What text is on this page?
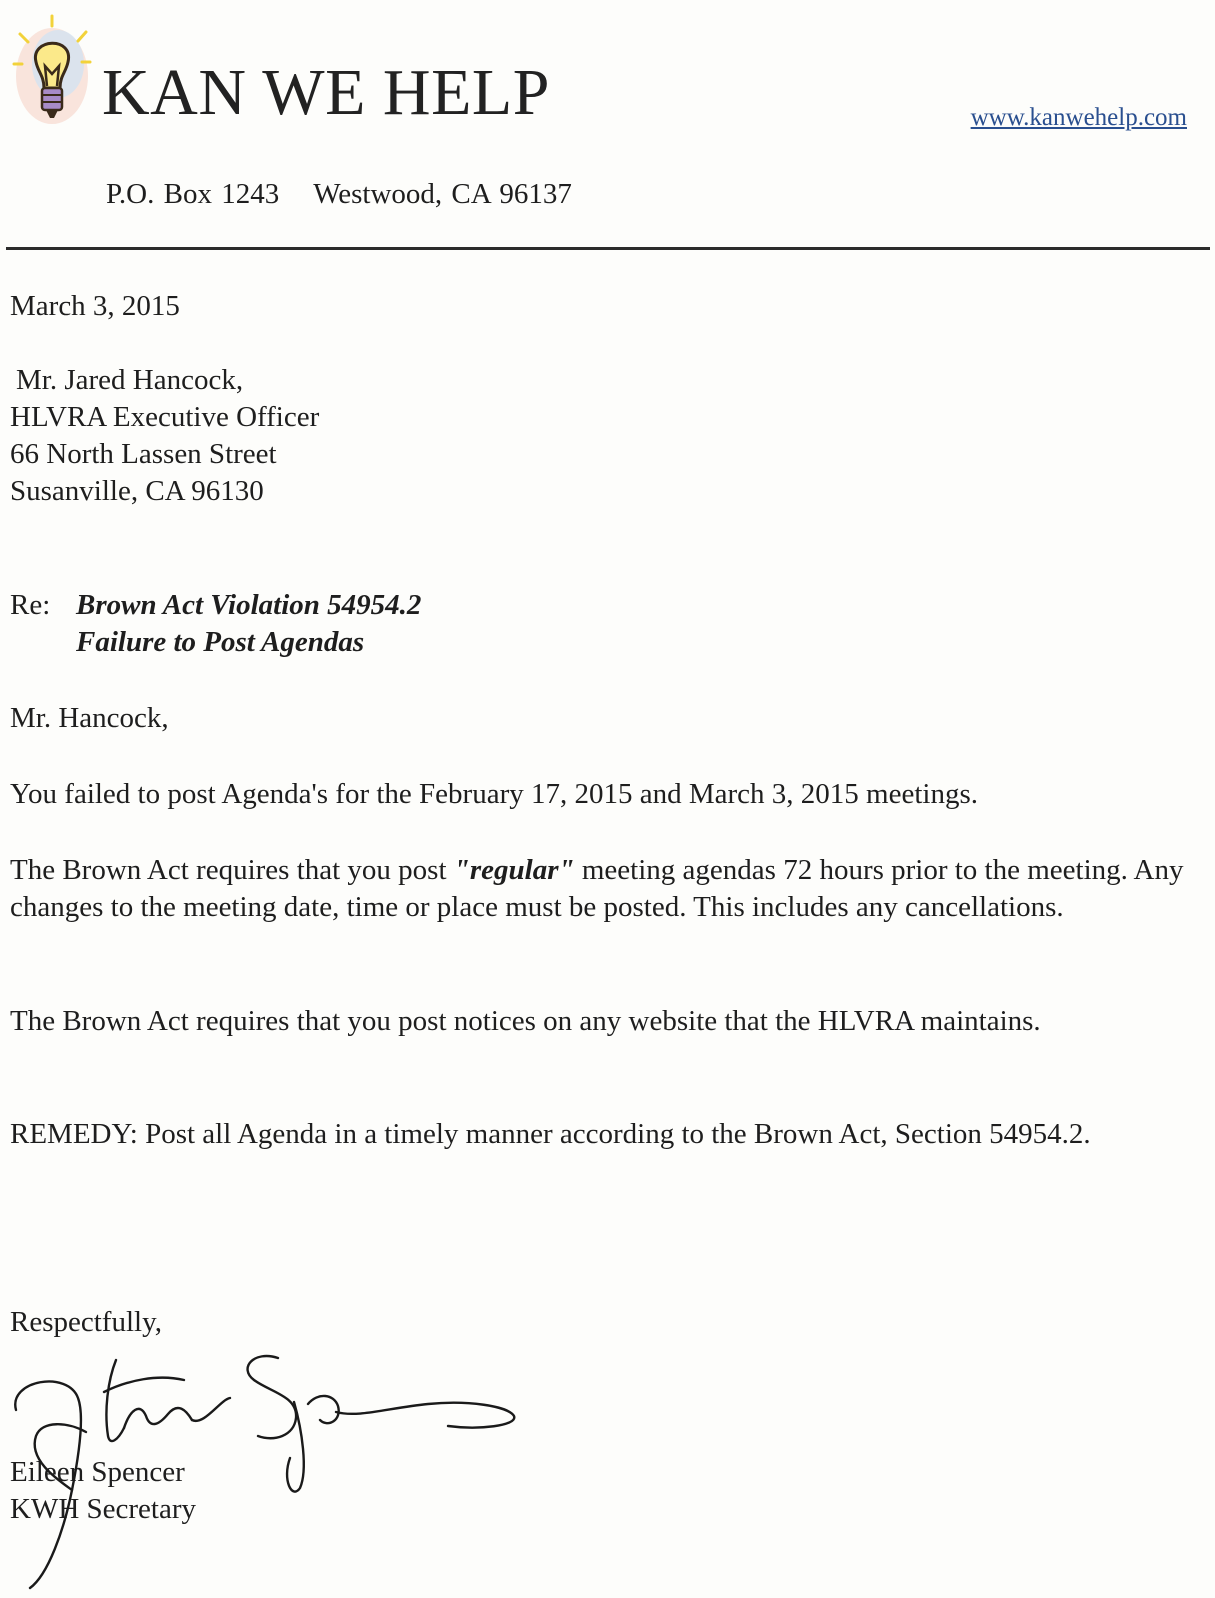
KAN WE HELP	www.kanwehelp.com
P.O. Box 1243 Westwood, CA 96137
March 3, 2015
Mr. Jared Hancock,
HLVRA Executive Officer
66 North Lassen Street
Susanville, CA 96130
Re: Brown Act Violation 54954.2
Failure to Post Agendas
Mr. Hancock,
You failed to post Agenda's for the February 17, 2015 and March 3, 2015 meetings.
The Brown Act requires that you post "regular" meeting agendas 72 hours prior to the meeting. Any changes to the meeting date, time or place must be posted. This includes any cancellations.
The Brown Act requires that you post notices on any website that the HLVRA maintains.
REMEDY: Post all Agenda in a timely manner according to the Brown Act, Section 54954.2.
Respectfully,
Eileen Spencer
KWH Secretary
